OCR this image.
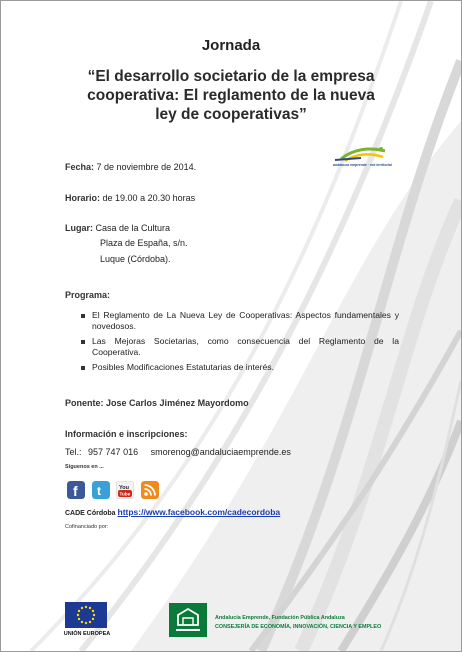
Jornada
“El desarrollo societario de la empresa
cooperativa: El reglamento de la nueva
ley de cooperativas”
andalucía emprende · red territorial
Fecha: 7 de noviembre de 2014.
Horario: de 19.00 a 20.30 horas
Lugar: Casa de la Cultura
Plaza de España, s/n.
Luque (Córdoba).
Programa:
El Reglamento de La Nueva Ley de Cooperativas: Aspectos fundamentales y novedosos.
Las Mejoras Societarias, como consecuencia del Reglamento de la Cooperativa.
Posibles Modificaciones Estatutarias de interés.
Ponente: Jose Carlos Jiménez Mayordomo
Información e inscripciones:
Tel.: 957 747 016 smorenog@andaluciaemprende.es
Síguenos en ...
f t	You
Tube
CADE Córdoba https://www.facebook.com/cadecordoba
Cofinanciado por:
UNIÓN EUROPEA
Andalucía Emprende, Fundación Pública Andaluza
CONSEJERÍA DE ECONOMÍA, INNOVACIÓN, CIENCIA Y EMPLEO
